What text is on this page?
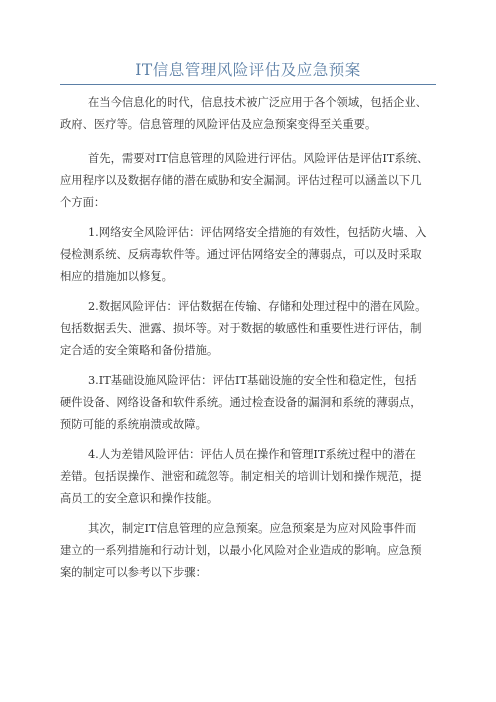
IT信息管理风险评估及应急预案
在当今信息化的时代，信息技术被广泛应用于各个领域，包括企业、
政府、医疗等。信息管理的风险评估及应急预案变得至关重要。
首先，需要对IT信息管理的风险进行评估。风险评估是评估IT系统、
应用程序以及数据存储的潜在威胁和安全漏洞。评估过程可以涵盖以下几
个方面：
1.网络安全风险评估：评估网络安全措施的有效性，包括防火墙、入
侵检测系统、反病毒软件等。通过评估网络安全的薄弱点，可以及时采取
相应的措施加以修复。
2.数据风险评估：评估数据在传输、存储和处理过程中的潜在风险。
包括数据丢失、泄露、损坏等。对于数据的敏感性和重要性进行评估，制
定合适的安全策略和备份措施。
3.IT基础设施风险评估：评估IT基础设施的安全性和稳定性，包括
硬件设备、网络设备和软件系统。通过检查设备的漏洞和系统的薄弱点，
预防可能的系统崩溃或故障。
4.人为差错风险评估：评估人员在操作和管理IT系统过程中的潜在
差错。包括误操作、泄密和疏忽等。制定相关的培训计划和操作规范，提
高员工的安全意识和操作技能。
其次，制定IT信息管理的应急预案。应急预案是为应对风险事件而
建立的一系列措施和行动计划，以最小化风险对企业造成的影响。应急预
案的制定可以参考以下步骤：
